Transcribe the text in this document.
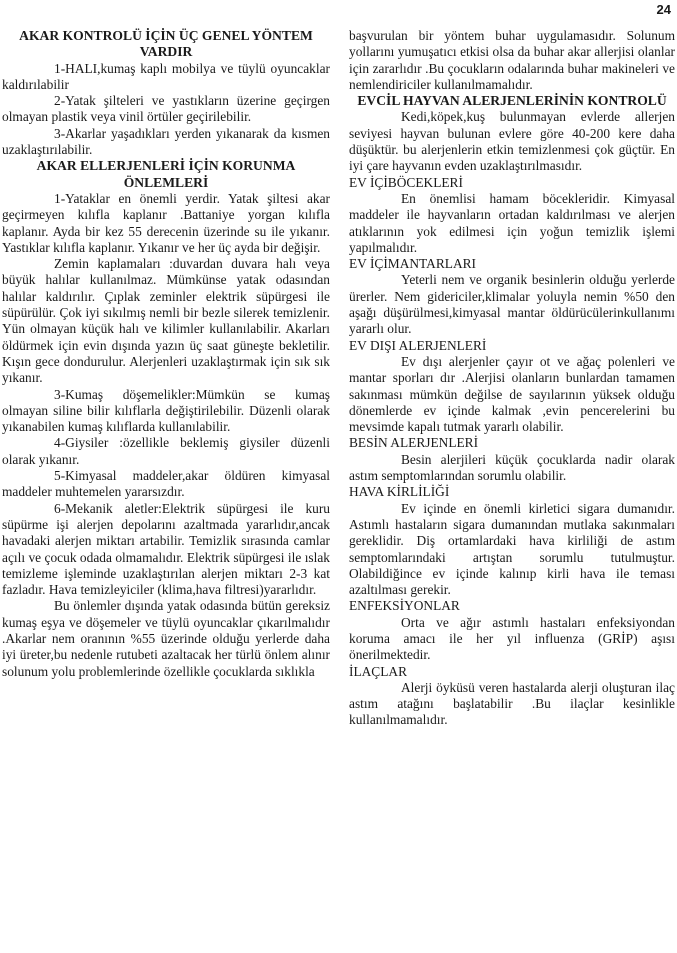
24

AKAR KONTROLÜ İÇİN ÜÇ GENEL YÖNTEM VARDIR

1-HALI,kumaş kaplı mobilya ve tüylü oyuncaklar kaldırılabilir

2-Yatak şilteleri ve yastıkların üzerine geçirgen olmayan plastik veya vinil örtüler geçirilebilir.

3-Akarlar yaşadıkları yerden yıkanarak da kısmen uzaklaştırılabilir.

AKAR ELLERJENLERİ İÇİN KORUNMA ÖNLEMLERİ

1-Yataklar en önemli yerdir. Yatak şiltesi akar geçirmeyen kılıfla kaplanır .Battaniye yorgan kılıfla kaplanır. Ayda bir kez 55 derecenin üzerinde su ile yıkanır. Yastıklar kılıfla kaplanır. Yıkanır ve her üç ayda bir değişir.

Zemin kaplamaları :duvardan duvara halı veya büyük halılar kullanılmaz. Mümkünse yatak odasından halılar kaldırılır. Çıplak zeminler elektrik süpürgesi ile süpürülür. Çok iyi sıkılmış nemli bir bezle silerek temizlenir. Yün olmayan küçük halı ve kilimler kullanılabilir. Akarları öldürmek için evin dışında yazın üç saat güneşte bekletilir. Kışın gece dondurulur. Alerjenleri uzaklaştırmak için sık sık yıkanır.

3-Kumaş döşemelikler:Mümkün se kumaş olmayan siline bilir kılıflarla değiştirilebilir. Düzenli olarak yıkanabilen kumaş kılıflarda kullanılabilir.

4-Giysiler :özellikle beklemiş giysiler düzenli olarak yıkanır.

5-Kimyasal maddeler,akar öldüren kimyasal maddeler muhtemelen yararsızdır.

6-Mekanik aletler:Elektrik süpürgesi ile kuru süpürme işi alerjen depolarını azaltmada yararlıdır,ancak havadaki alerjen miktarı artabilir. Temizlik sırasında camlar açılı ve çocuk odada olmamalıdır. Elektrik süpürgesi ile ıslak temizleme işleminde uzaklaştırılan alerjen miktarı 2-3 kat fazladır. Hava temizleyiciler (klima,hava filtresi)yararlıdır.

Bu önlemler dışında yatak odasında bütün gereksiz kumaş eşya ve döşemeler ve tüylü oyuncaklar çıkarılmalıdır .Akarlar nem oranının %55 üzerinde olduğu yerlerde daha iyi üreter,bu nedenle rutubeti azaltacak her türlü önlem alınır solunum yolu problemlerinde özellikle çocuklarda sıklıkla

başvurulan bir yöntem buhar uygulamasıdır. Solunum yollarını yumuşatıcı etkisi olsa da buhar akar allerjisi olanlar için zararlıdır .Bu çocukların odalarında buhar makineleri ve nemlendiriciler kullanılmamalıdır.

EVCİL HAYVAN ALERJENLERİNİN KONTROLÜ

Kedi,köpek,kuş bulunmayan evlerde allerjen seviyesi hayvan bulunan evlere göre 40-200 kere daha düşüktür. bu alerjenlerin etkin temizlenmesi çok güçtür. En iyi çare hayvanın evden uzaklaştırılmasıdır.

EV İÇİBÖCEKLERİ

En önemlisi hamam böcekleridir. Kimyasal maddeler ile hayvanların ortadan kaldırılması ve alerjen atıklarının yok edilmesi için yoğun temizlik işlemi yapılmalıdır.

EV İÇİMANTARLARI

Yeterli nem ve organik besinlerin olduğu yerlerde ürerler. Nem gidericiler,klimalar yoluyla nemin %50 den aşağı düşürülmesi,kimyasal mantar öldürücülerinkullanımı yararlı olur.

EV DIŞI ALERJENLERİ

Ev dışı alerjenler çayır ot ve ağaç polenleri ve mantar sporları dır .Alerjisi olanların bunlardan tamamen sakınması mümkün değilse de sayılarının yüksek olduğu dönemlerde ev içinde kalmak ,evin pencerelerini bu mevsimde kapalı tutmak yararlı olabilir.

BESİN ALERJENLERİ

Besin alerjileri küçük çocuklarda nadir olarak astım semptomlarından sorumlu olabilir.

HAVA KİRLİLİĞİ

Ev içinde en önemli kirletici sigara dumanıdır. Astımlı hastaların sigara dumanından mutlaka sakınmaları gereklidir. Diş ortamlardaki hava kirliliği de astım semptomlarındaki artıştan sorumlu tutulmuştur. Olabildiğince ev içinde kalınıp kirli hava ile teması azaltılması gerekir.

ENFEKSİYONLAR

Orta ve ağır astımlı hastaları enfeksiyondan koruma amacı ile her yıl influenza (GRİP) aşısı önerilmektedir.

İLAÇLAR

Alerji öyküsü veren hastalarda alerji oluşturan ilaç astım atağını başlatabilir .Bu ilaçlar kesinlikle kullanılmamalıdır.
